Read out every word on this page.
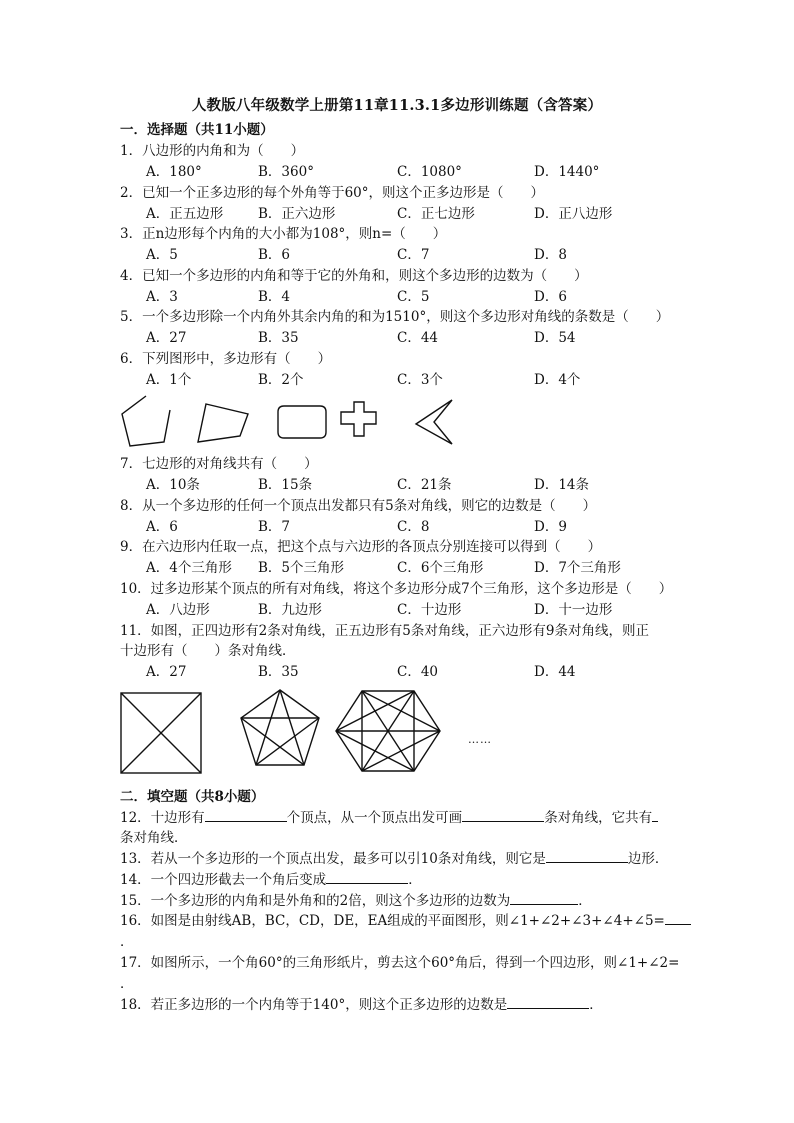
人教版八年级数学上册第11章11.3.1多边形训练题（含答案）
一．选择题（共11小题）
1．八边形的内角和为（　　）
A．180°	B．360°	C．1080°	D．1440°
2．已知一个正多边形的每个外角等于60°，则这个正多边形是（　　）
A．正五边形	B．正六边形	C．正七边形	D．正八边形
3．正n边形每个内角的大小都为108°，则n=（　　）
A．5	B．6	C．7	D．8
4．已知一个多边形的内角和等于它的外角和，则这个多边形的边数为（　　）
A．3	B．4	C．5	D．6
5．一个多边形除一个内角外其余内角的和为1510°，则这个多边形对角线的条数是（　　）
A．27	B．35	C．44	D．54
6．下列图形中，多边形有（　　）
A．1个	B．2个	C．3个	D．4个
7．七边形的对角线共有（　　）
A．10条	B．15条	C．21条	D．14条
8．从一个多边形的任何一个顶点出发都只有5条对角线，则它的边数是（　　）
A．6	B．7	C．8	D．9
9．在六边形内任取一点，把这个点与六边形的各顶点分别连接可以得到（　　）
A．4个三角形 B．5个三角形	C．6个三角形	D．7个三角形
10．过多边形某个顶点的所有对角线，将这个多边形分成7个三角形，这个多边形是（　　）
A．八边形	B．九边形	C．十边形	D．十一边形
11．如图，正四边形有2条对角线，正五边形有5条对角线，正六边形有9条对角线，则正
十边形有（　　）条对角线．
A．27	B．35	C．40	D．44
……
二．填空题（共8小题）
12．十边形有	个顶点，从一个顶点出发可画	条对角线，它共有
条对角线．
13．若从一个多边形的一个顶点出发，最多可以引10条对角线，则它是	边形．
14．一个四边形截去一个角后变成	．
15．一个多边形的内角和是外角和的2倍，则这个多边形的边数为	．
16．如图是由射线AB，BC，CD，DE，EA组成的平面图形，则∠1+∠2+∠3+∠4+∠5=
．
17．如图所示，一个角60°的三角形纸片，剪去这个60°角后，得到一个四边形，则∠1+∠2=
．
18．若正多边形的一个内角等于140°，则这个正多边形的边数是	．
